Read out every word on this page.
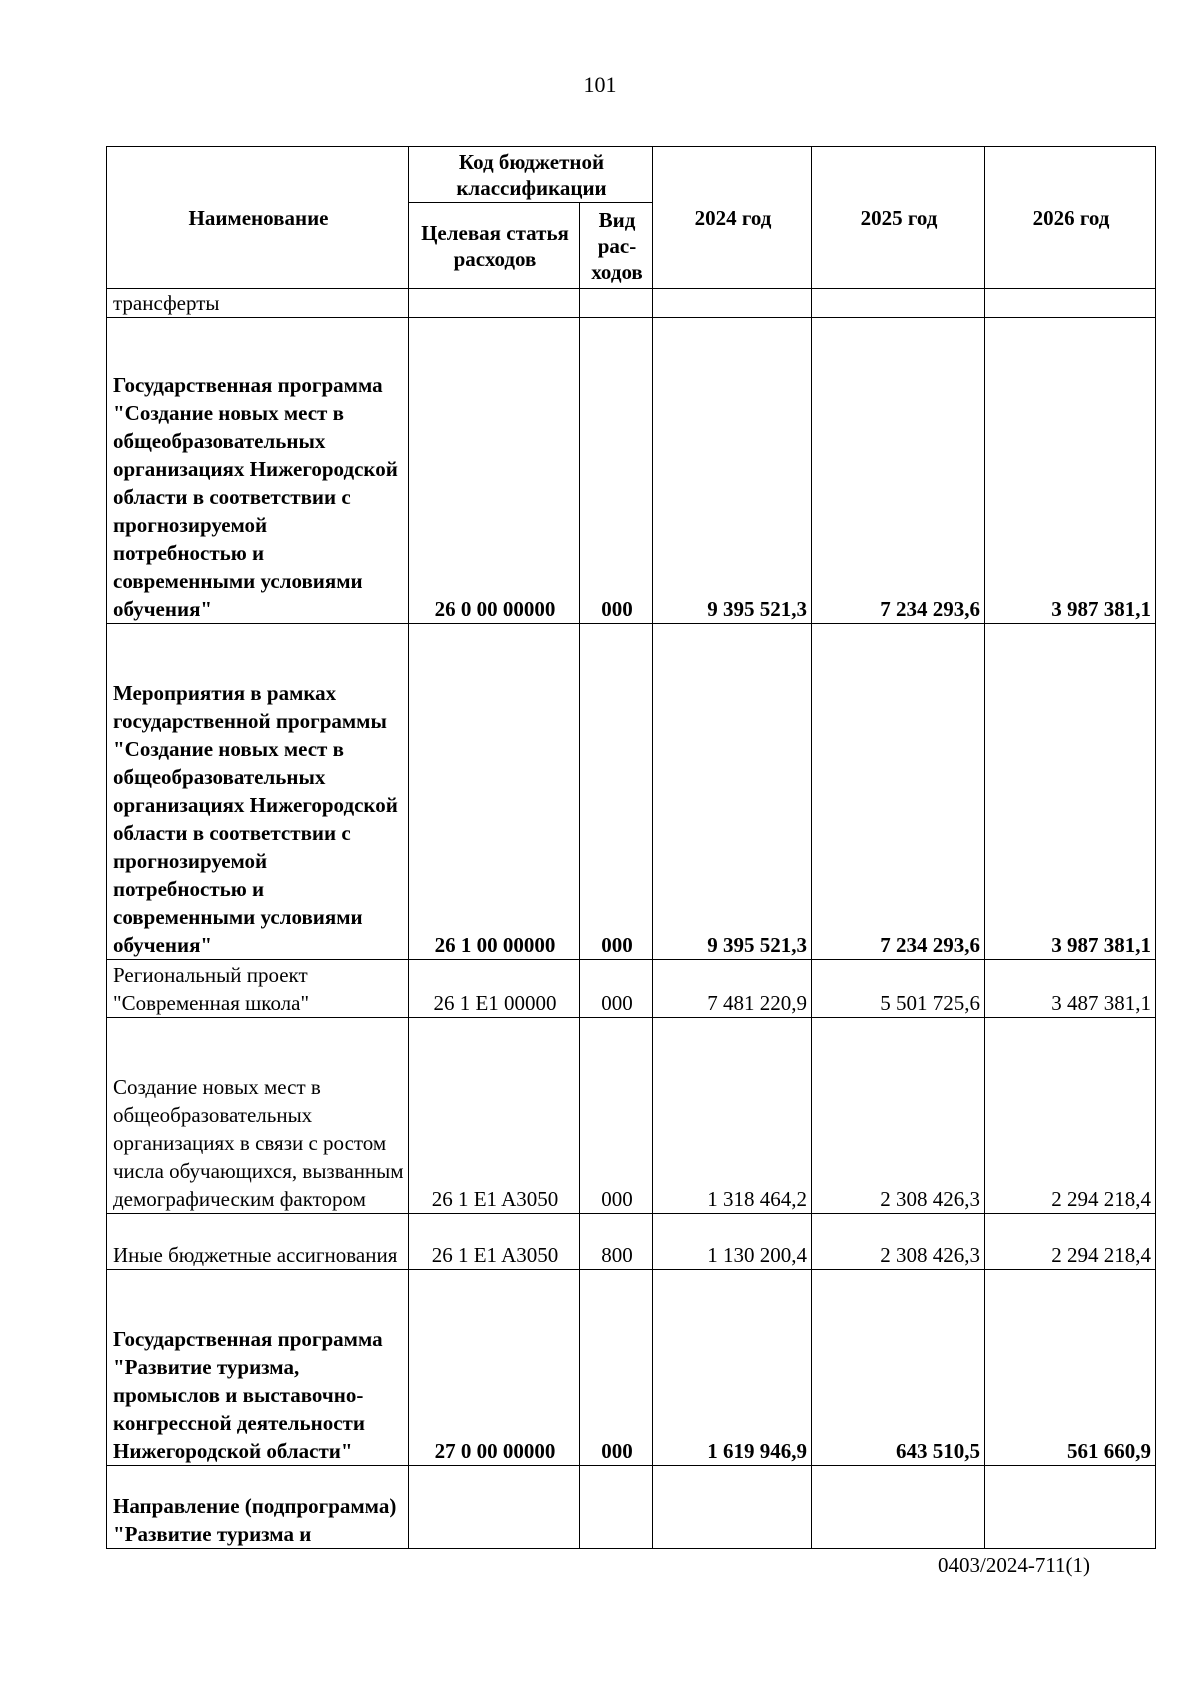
101
Наименование	Код бюджетной классификации		2024 год	2025 год	2026 год
	Целевая статья расходов	Вид рас-ходов			
трансферты					
Государственная программа "Создание новых мест в общеобразовательных организациях Нижегородской области в соответствии с прогнозируемой потребностью и современными условиями обучения"	26 0 00 00000	000	9 395 521,3	7 234 293,6	3 987 381,1
Мероприятия в рамках государственной программы "Создание новых мест в общеобразовательных организациях Нижегородской области в соответствии с прогнозируемой потребностью и современными условиями обучения"	26 1 00 00000	000	9 395 521,3	7 234 293,6	3 987 381,1
Региональный проект "Современная школа"	26 1 E1 00000	000	7 481 220,9	5 501 725,6	3 487 381,1
Создание новых мест в общеобразовательных организациях в связи с ростом числа обучающихся, вызванным демографическим фактором	26 1 E1 A3050	000	1 318 464,2	2 308 426,3	2 294 218,4
Иные бюджетные ассигнования	26 1 E1 A3050	800	1 130 200,4	2 308 426,3	2 294 218,4
Государственная программа "Развитие туризма, промыслов и выставочно-конгрессной деятельности Нижегородской области"	27 0 00 00000	000	1 619 946,9	643 510,5	561 660,9
Направление (подпрограмма) "Развитие туризма и					
0403/2024-711(1)
